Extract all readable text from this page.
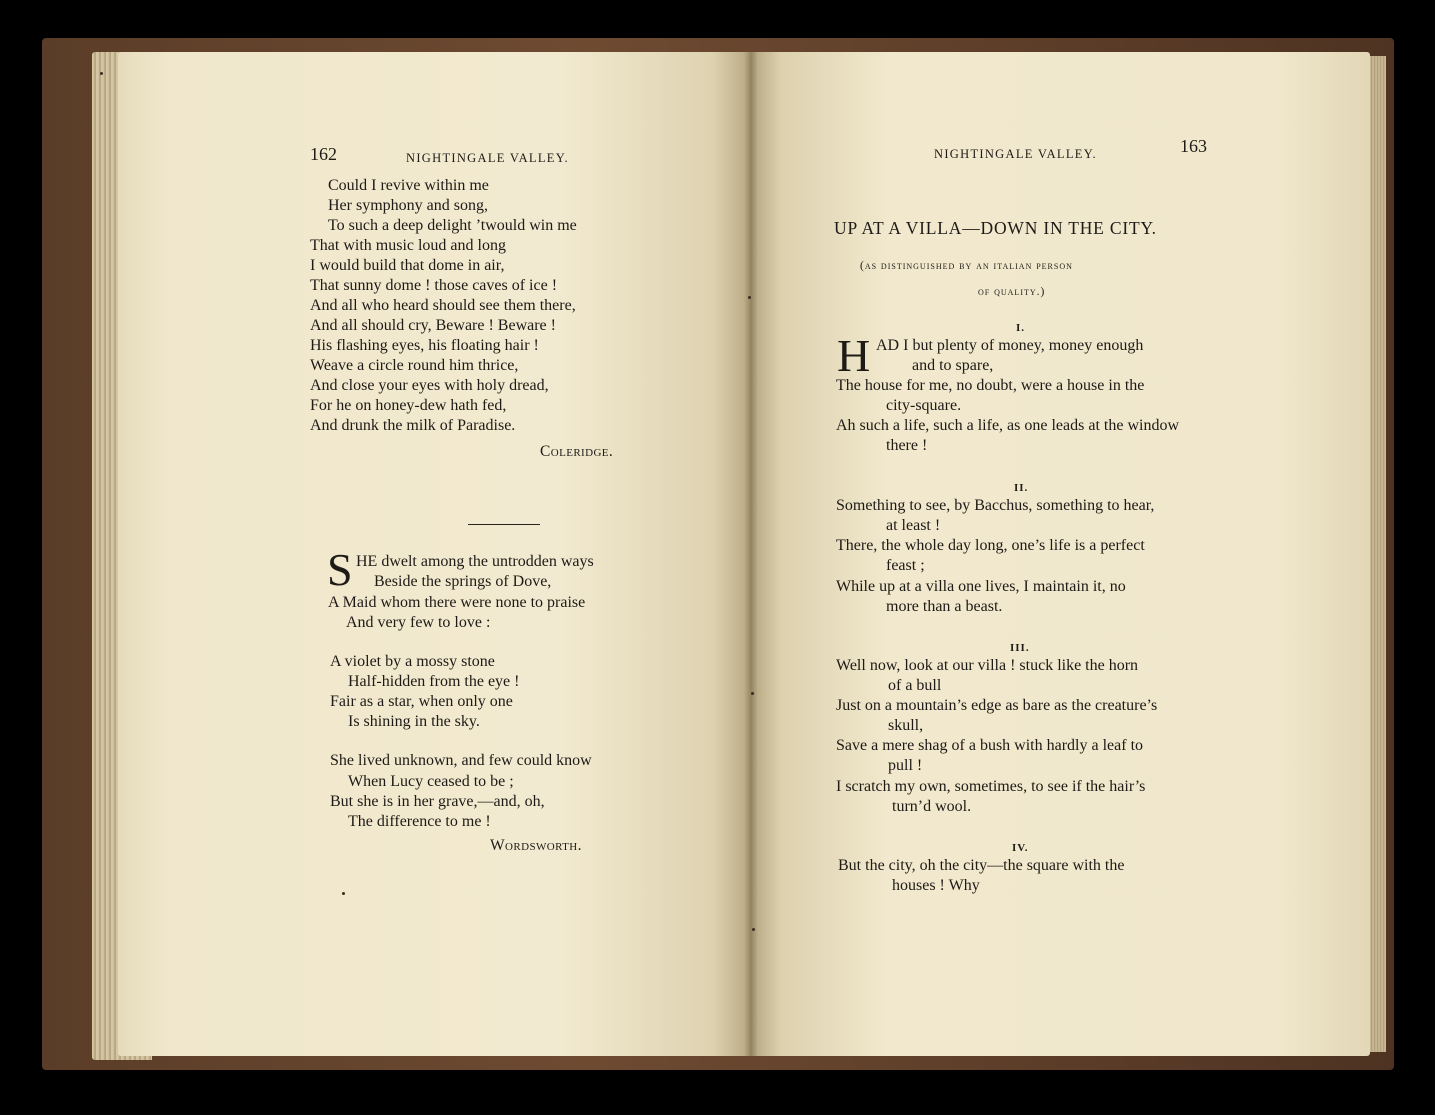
162	NIGHTINGALE VALLEY.
Could I revive within me
Her symphony and song,
To such a deep delight ’twould win me
That with music loud and long
I would build that dome in air,
That sunny dome ! those caves of ice !
And all who heard should see them there,
And all should cry, Beware ! Beware !
His flashing eyes, his floating hair !
Weave a circle round him thrice,
And close your eyes with holy dread,
For he on honey-dew hath fed,
And drunk the milk of Paradise.
Coleridge.
S HE dwelt among the untrodden ways
Beside the springs of Dove,
A Maid whom there were none to praise
And very few to love :
A violet by a mossy stone
Half-hidden from the eye !
Fair as a star, when only one
Is shining in the sky.
She lived unknown, and few could know
When Lucy ceased to be ;
But she is in her grave,—and, oh,
The difference to me !
Wordsworth.
NIGHTINGALE VALLEY.	163
UP AT A VILLA—DOWN IN THE CITY.
(as distinguished by an italian person
of quality.)
I.
H AD I but plenty of money, money enough
and to spare,
The house for me, no doubt, were a house in the
city-square.
Ah such a life, such a life, as one leads at the window
there !
II.
Something to see, by Bacchus, something to hear,
at least !
There, the whole day long, one’s life is a perfect
feast ;
While up at a villa one lives, I maintain it, no
more than a beast.
III.
Well now, look at our villa ! stuck like the horn
of a bull
Just on a mountain’s edge as bare as the creature’s
skull,
Save a mere shag of a bush with hardly a leaf to
pull !
I scratch my own, sometimes, to see if the hair’s
turn’d wool.
IV.
But the city, oh the city—the square with the
houses ! Why
